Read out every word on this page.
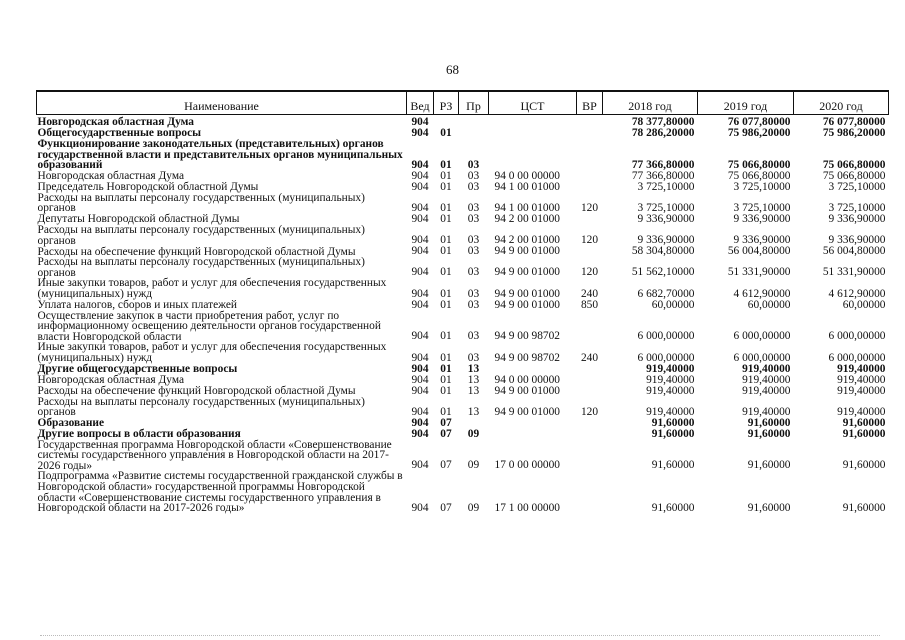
68
Наименование	Вед	РЗ	Пр	ЦСТ	ВР	2018 год	2019 год	2020 год
Новгородская областная Дума	904					78 377,80000	76 077,80000	76 077,80000
Общегосударственные вопросы	904	01				78 286,20000	75 986,20000	75 986,20000
Функционирование законодательных (представительных) органов государственной власти и представительных органов муниципальных образований	904	01	03			77 366,80000	75 066,80000	75 066,80000
Новгородская областная Дума	904	01	03	94 0 00 00000		77 366,80000	75 066,80000	75 066,80000
Председатель Новгородской областной Думы	904	01	03	94 1 00 01000		3 725,10000	3 725,10000	3 725,10000
Расходы на выплаты персоналу государственных (муниципальных) органов	904	01	03	94 1 00 01000	120	3 725,10000	3 725,10000	3 725,10000
Депутаты Новгородской областной Думы	904	01	03	94 2 00 01000		9 336,90000	9 336,90000	9 336,90000
Расходы на выплаты персоналу государственных (муниципальных) органов	904	01	03	94 2 00 01000	120	9 336,90000	9 336,90000	9 336,90000
Расходы на обеспечение функций Новгородской областной Думы	904	01	03	94 9 00 01000		58 304,80000	56 004,80000	56 004,80000
Расходы на выплаты персоналу государственных (муниципальных) органов	904	01	03	94 9 00 01000	120	51 562,10000	51 331,90000	51 331,90000
Иные закупки товаров, работ и услуг для обеспечения государственных (муниципальных) нужд	904	01	03	94 9 00 01000	240	6 682,70000	4 612,90000	4 612,90000
Уплата налогов, сборов и иных платежей	904	01	03	94 9 00 01000	850	60,00000	60,00000	60,00000
Осуществление закупок в части приобретения работ, услуг по информационному освещению деятельности органов государственной власти Новгородской области	904	01	03	94 9 00 98702		6 000,00000	6 000,00000	6 000,00000
Иные закупки товаров, работ и услуг для обеспечения государственных (муниципальных) нужд	904	01	03	94 9 00 98702	240	6 000,00000	6 000,00000	6 000,00000
Другие общегосударственные вопросы	904	01	13			919,40000	919,40000	919,40000
Новгородская областная Дума	904	01	13	94 0 00 00000		919,40000	919,40000	919,40000
Расходы на обеспечение функций Новгородской областной Думы	904	01	13	94 9 00 01000		919,40000	919,40000	919,40000
Расходы на выплаты персоналу государственных (муниципальных) органов	904	01	13	94 9 00 01000	120	919,40000	919,40000	919,40000
Образование	904	07				91,60000	91,60000	91,60000
Другие вопросы в области образования	904	07	09			91,60000	91,60000	91,60000
Государственная программа Новгородской области «Совершенствование системы государственного управления в Новгородской области на 2017-2026 годы»	904	07	09	17 0 00 00000		91,60000	91,60000	91,60000
Подпрограмма «Развитие системы государственной гражданской службы в Новгородской области» государственной программы Новгородской области «Совершенствование системы государственного управления в Новгородской области на 2017-2026 годы»	904	07	09	17 1 00 00000		91,60000	91,60000	91,60000
